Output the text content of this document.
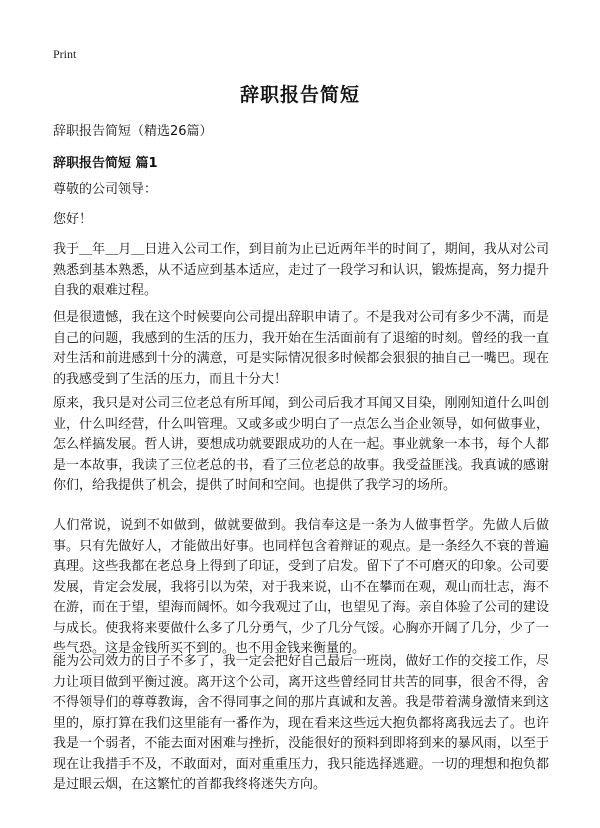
Print
辞职报告简短

辞职报告简短（精选26篇）

辞职报告简短 篇1

尊敬的公司领导：

您好！

我于＿年＿月＿日进入公司工作，到目前为止已近两年半的时间了，期间，我从对公司熟悉到基本熟悉，从不适应到基本适应，走过了一段学习和认识，锻炼提高，努力提升自我的艰难过程。

但是很遗憾，我在这个时候要向公司提出辞职申请了。不是我对公司有多少不满，而是自己的问题，我感到的生活的压力，我开始在生活面前有了退缩的时刻。曾经的我一直对生活和前进感到十分的满意，可是实际情况很多时候都会狠狠的抽自己一嘴巴。现在的我感受到了生活的压力，而且十分大！

原来，我只是对公司三位老总有所耳闻，到公司后我才耳闻又目染，刚刚知道什么叫创业，什么叫经营，什么叫管理。又或多或少明白了一点怎么当企业领导，如何做事业，怎么样搞发展。哲人讲，要想成功就要跟成功的人在一起。事业就象一本书，每个人都是一本故事，我读了三位老总的书，看了三位老总的故事。我受益匪浅。我真诚的感谢你们，给我提供了机会，提供了时间和空间。也提供了我学习的场所。

人们常说，说到不如做到，做就要做到。我信奉这是一条为人做事哲学。先做人后做事。只有先做好人，才能做出好事。也同样包含着辩证的观点。是一条经久不衰的普遍真理。这些我都在老总身上得到了印证，受到了启发。留下了不可磨灭的印象。公司要发展，肯定会发展，我将引以为荣，对于我来说，山不在攀而在观，观山而壮志，海不在游，而在于望，望海而阔怀。如今我观过了山，也望见了海。亲自体验了公司的建设与成长。使我将来要做什么多了几分勇气，少了几分气馁。心胸亦开阔了几分，少了一些气恐。这是金钱所买不到的。也不用金钱来衡量的。

能为公司效力的日子不多了，我一定会把好自己最后一班岗，做好工作的交接工作，尽力让项目做到平衡过渡。离开这个公司，离开这些曾经同甘共苦的同事，很舍不得，舍不得领导们的尊尊教诲，舍不得同事之间的那片真诚和友善。我是带着满身激情来到这里的，原打算在我们这里能有一番作为，现在看来这些远大抱负都将离我远去了。也许我是一个弱者，不能去面对困难与挫折，没能很好的预料到即将到来的暴风雨，以至于现在让我措手不及，不敢面对，面对重重压力，我只能选择逃避。一切的理想和抱负都是过眼云烟，在这繁忙的首都我终将迷失方向。
